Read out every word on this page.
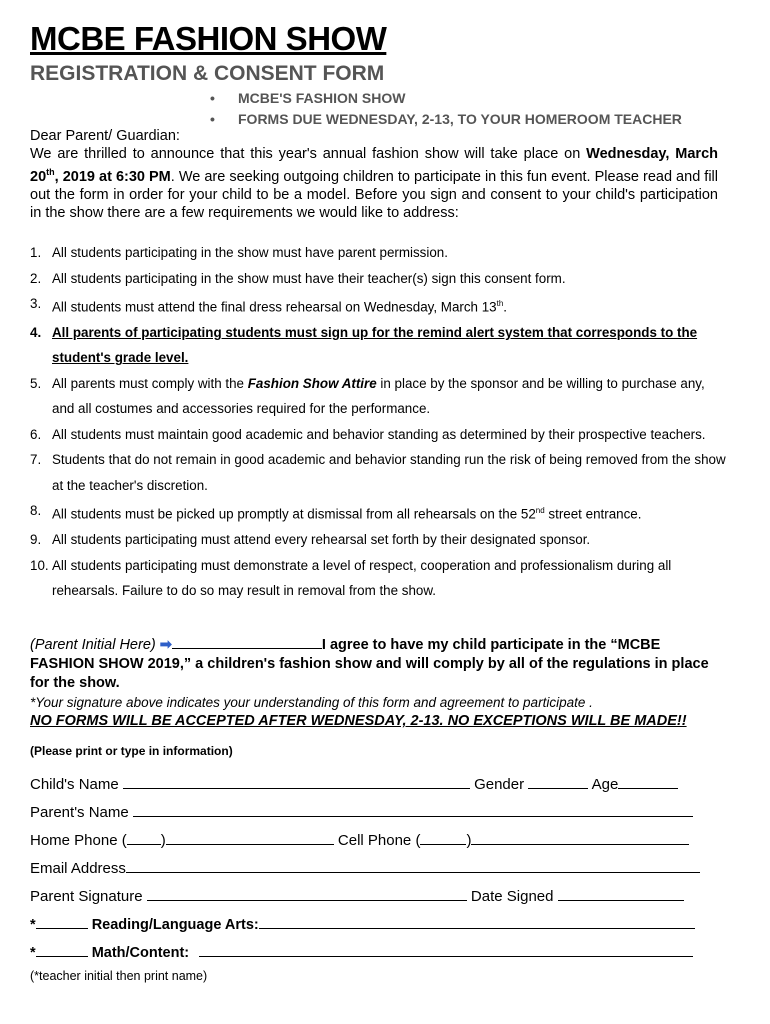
MCBE FASHION SHOW
REGISTRATION & CONSENT FORM
• MCBE'S FASHION SHOW
• FORMS DUE WEDNESDAY, 2-13, TO YOUR HOMEROOM TEACHER

Dear Parent/ Guardian:

We are thrilled to announce that this year's annual fashion show will take place on Wednesday, March 20th, 2019 at 6:30 PM. We are seeking outgoing children to participate in this fun event. Please read and fill out the form in order for your child to be a model. Before you sign and consent to your child's participation in the show there are a few requirements we would like to address:

1. All students participating in the show must have parent permission.
2. All students participating in the show must have their teacher(s) sign this consent form.
3. All students must attend the final dress rehearsal on Wednesday, March 13th.
4. All parents of participating students must sign up for the remind alert system that corresponds to the student's grade level.
5. All parents must comply with the Fashion Show Attire in place by the sponsor and be willing to purchase any, and all costumes and accessories required for the performance.
6. All students must maintain good academic and behavior standing as determined by their prospective teachers.
7. Students that do not remain in good academic and behavior standing run the risk of being removed from the show at the teacher's discretion.
8. All students must be picked up promptly at dismissal from all rehearsals on the 52nd street entrance.
9. All students participating must attend every rehearsal set forth by their designated sponsor.
10. All students participating must demonstrate a level of respect, cooperation and professionalism during all rehearsals. Failure to do so may result in removal from the show.
(Parent Initial Here) ➡	I agree to have my child participate in the “MCBE FASHION SHOW 2019,” a children's fashion show and will comply by all of the regulations in place for the show.
*Your signature above indicates your understanding of this form and agreement to participate .
NO FORMS WILL BE ACCEPTED AFTER WEDNESDAY, 2-13. NO EXCEPTIONS WILL BE MADE!!
(Please print or type in information)
Child's Name	Gender	Age
Parent's Name
Home Phone ( )	Cell Phone (	)
Email Address
Parent Signature	Date Signed
*	Reading/Language Arts:
*	Math/Content:
(*teacher initial then print name)
